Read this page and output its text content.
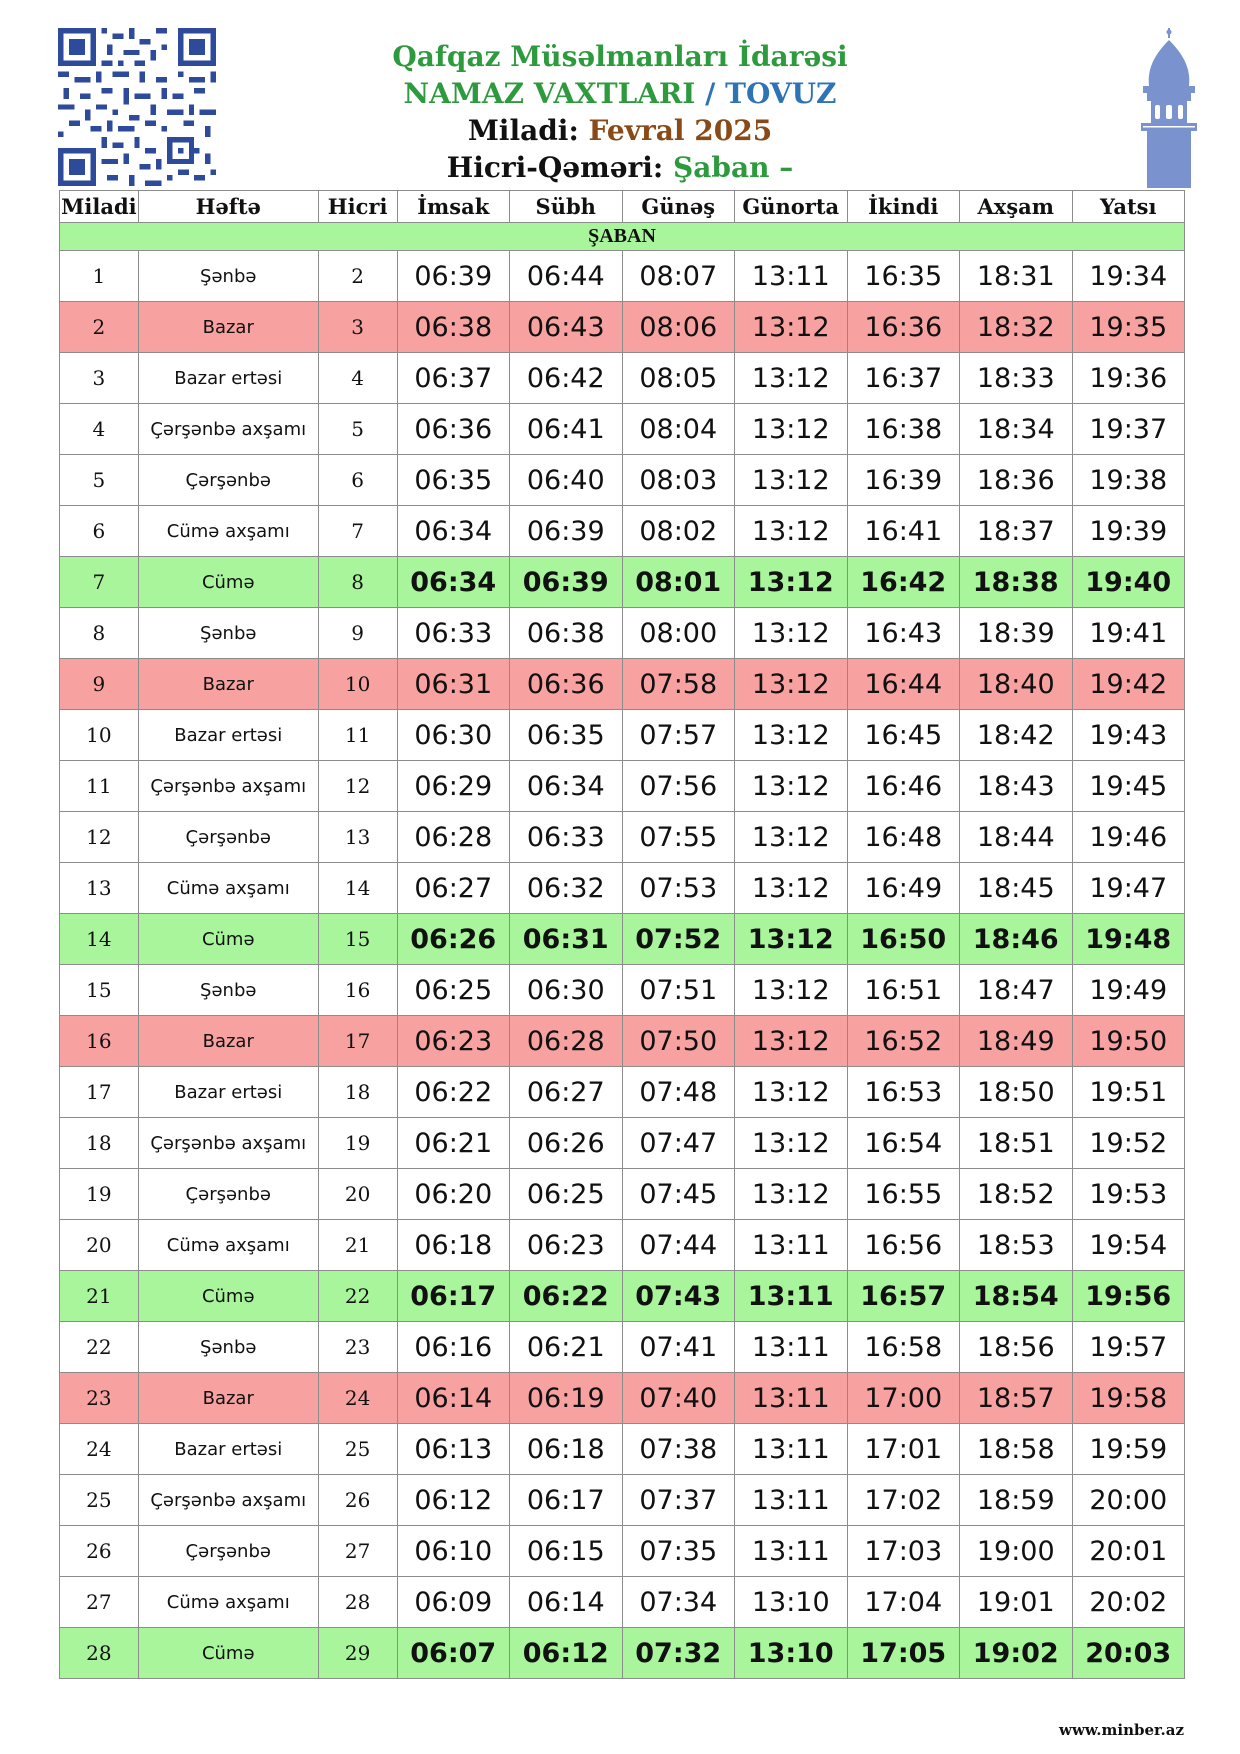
Qafqaz Müsəlmanları İdarəsi
NAMAZ VAXTLARI / TOVUZ
Miladi: Fevral 2025
Hicri-Qəməri: Şaban –
Miladi	Həftə	Hicri	İmsak	Sübh	Günəş	Günorta	İkindi	Axşam	Yatsı
ŞABAN									
1	Şənbə	2	06:39	06:44	08:07	13:11	16:35	18:31	19:34
2	Bazar	3	06:38	06:43	08:06	13:12	16:36	18:32	19:35
3	Bazar ertəsi	4	06:37	06:42	08:05	13:12	16:37	18:33	19:36
4	Çərşənbə axşamı	5	06:36	06:41	08:04	13:12	16:38	18:34	19:37
5	Çərşənbə	6	06:35	06:40	08:03	13:12	16:39	18:36	19:38
6	Cümə axşamı	7	06:34	06:39	08:02	13:12	16:41	18:37	19:39
7	Cümə	8	06:34	06:39	08:01	13:12	16:42	18:38	19:40
8	Şənbə	9	06:33	06:38	08:00	13:12	16:43	18:39	19:41
9	Bazar	10	06:31	06:36	07:58	13:12	16:44	18:40	19:42
10	Bazar ertəsi	11	06:30	06:35	07:57	13:12	16:45	18:42	19:43
11	Çərşənbə axşamı	12	06:29	06:34	07:56	13:12	16:46	18:43	19:45
12	Çərşənbə	13	06:28	06:33	07:55	13:12	16:48	18:44	19:46
13	Cümə axşamı	14	06:27	06:32	07:53	13:12	16:49	18:45	19:47
14	Cümə	15	06:26	06:31	07:52	13:12	16:50	18:46	19:48
15	Şənbə	16	06:25	06:30	07:51	13:12	16:51	18:47	19:49
16	Bazar	17	06:23	06:28	07:50	13:12	16:52	18:49	19:50
17	Bazar ertəsi	18	06:22	06:27	07:48	13:12	16:53	18:50	19:51
18	Çərşənbə axşamı	19	06:21	06:26	07:47	13:12	16:54	18:51	19:52
19	Çərşənbə	20	06:20	06:25	07:45	13:12	16:55	18:52	19:53
20	Cümə axşamı	21	06:18	06:23	07:44	13:11	16:56	18:53	19:54
21	Cümə	22	06:17	06:22	07:43	13:11	16:57	18:54	19:56
22	Şənbə	23	06:16	06:21	07:41	13:11	16:58	18:56	19:57
23	Bazar	24	06:14	06:19	07:40	13:11	17:00	18:57	19:58
24	Bazar ertəsi	25	06:13	06:18	07:38	13:11	17:01	18:58	19:59
25	Çərşənbə axşamı	26	06:12	06:17	07:37	13:11	17:02	18:59	20:00
26	Çərşənbə	27	06:10	06:15	07:35	13:11	17:03	19:00	20:01
27	Cümə axşamı	28	06:09	06:14	07:34	13:10	17:04	19:01	20:02
28	Cümə	29	06:07	06:12	07:32	13:10	17:05	19:02	20:03
www.minber.az
